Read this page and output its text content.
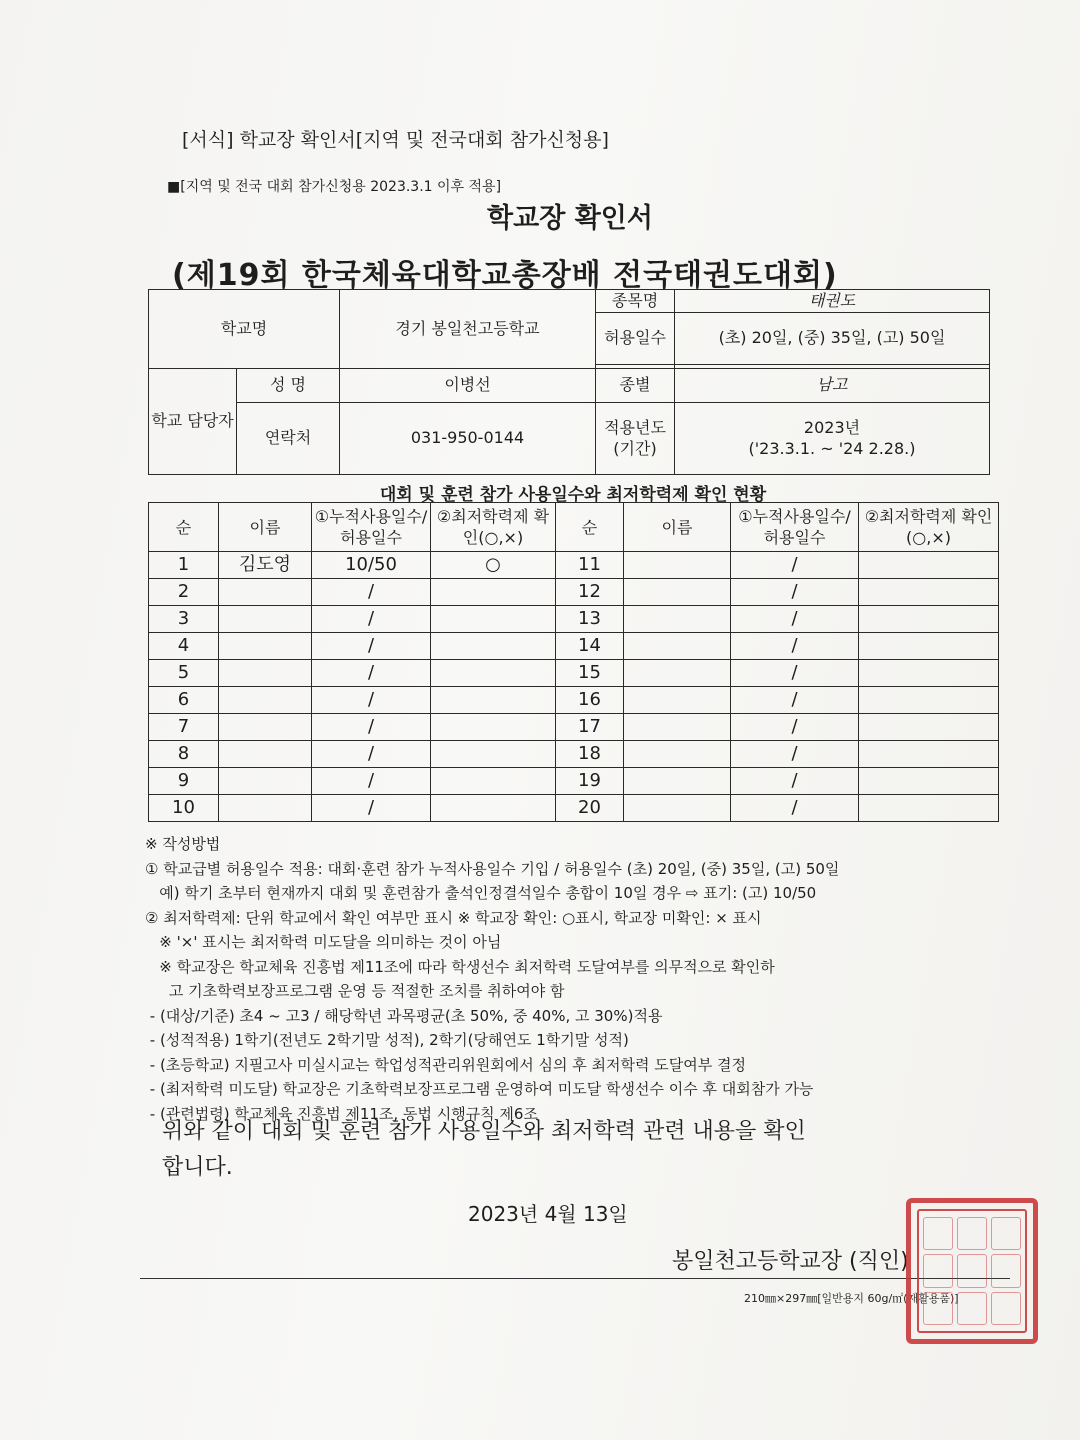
[서식] 학교장 확인서[지역 및 전국대회 참가신청용]
■[지역 및 전국 대회 참가신청용 2023.3.1 이후 적용]
학교장 확인서
(제19회 한국체육대학교총장배 전국태권도대회)
학교명		경기 봉일천고등학교	종목명	태권도
			허용일수	(초) 20일, (중) 35일, (고) 50일

학교 담당자	성 명	이병선	종별	남고
	연락처	031-950-0144	적용년도 (기간)	2023년
('23.3.1. ~ '24 2.28.)
대회 및 훈련 참가 사용일수와 최저학력제 확인 현황
순	이름	①누적사용일수/허용일수	②최저학력제 확인(○,×)	순	이름	①누적사용일수/허용일수	②최저학력제 확인(○,×)
1	김도영	10/50	○	11		/	
2		/		12		/	
3		/		13		/	
4		/		14		/	
5		/		15		/	
6		/		16		/	
7		/		17		/	
8		/		18		/	
9		/		19		/	
10		/		20		/	
※ 작성방법
① 학교급별 허용일수 적용: 대회·훈련 참가 누적사용일수 기입 / 허용일수 (초) 20일, (중) 35일, (고) 50일
예) 학기 초부터 현재까지 대회 및 훈련참가 출석인정결석일수 총합이 10일 경우 ⇨ 표기: (고) 10/50
② 최저학력제: 단위 학교에서 확인 여부만 표시 ※ 학교장 확인: ○표시, 학교장 미확인: × 표시
※ '×' 표시는 최저학력 미도달을 의미하는 것이 아님
※ 학교장은 학교체육 진흥법 제11조에 따라 학생선수 최저학력 도달여부를 의무적으로 확인하
고 기초학력보장프로그램 운영 등 적절한 조치를 취하여야 함
- (대상/기준) 초4 ~ 고3 / 해당학년 과목평균(초 50%, 중 40%, 고 30%)적용
- (성적적용) 1학기(전년도 2학기말 성적), 2학기(당해연도 1학기말 성적)
- (초등학교) 지필고사 미실시교는 학업성적관리위원회에서 심의 후 최저학력 도달여부 결정
- (최저학력 미도달) 학교장은 기초학력보장프로그램 운영하여 미도달 학생선수 이수 후 대회참가 가능
- (관련법령) 학교체육 진흥법 제11조, 동법 시행규칙 제6조
위와 같이 대회 및 훈련 참가 사용일수와 최저학력 관련 내용을 확인
합니다.
2023년 4월 13일
봉일천고등학교장 (직인)
210㎜×297㎜[일반용지 60g/㎡(재활용품)]
